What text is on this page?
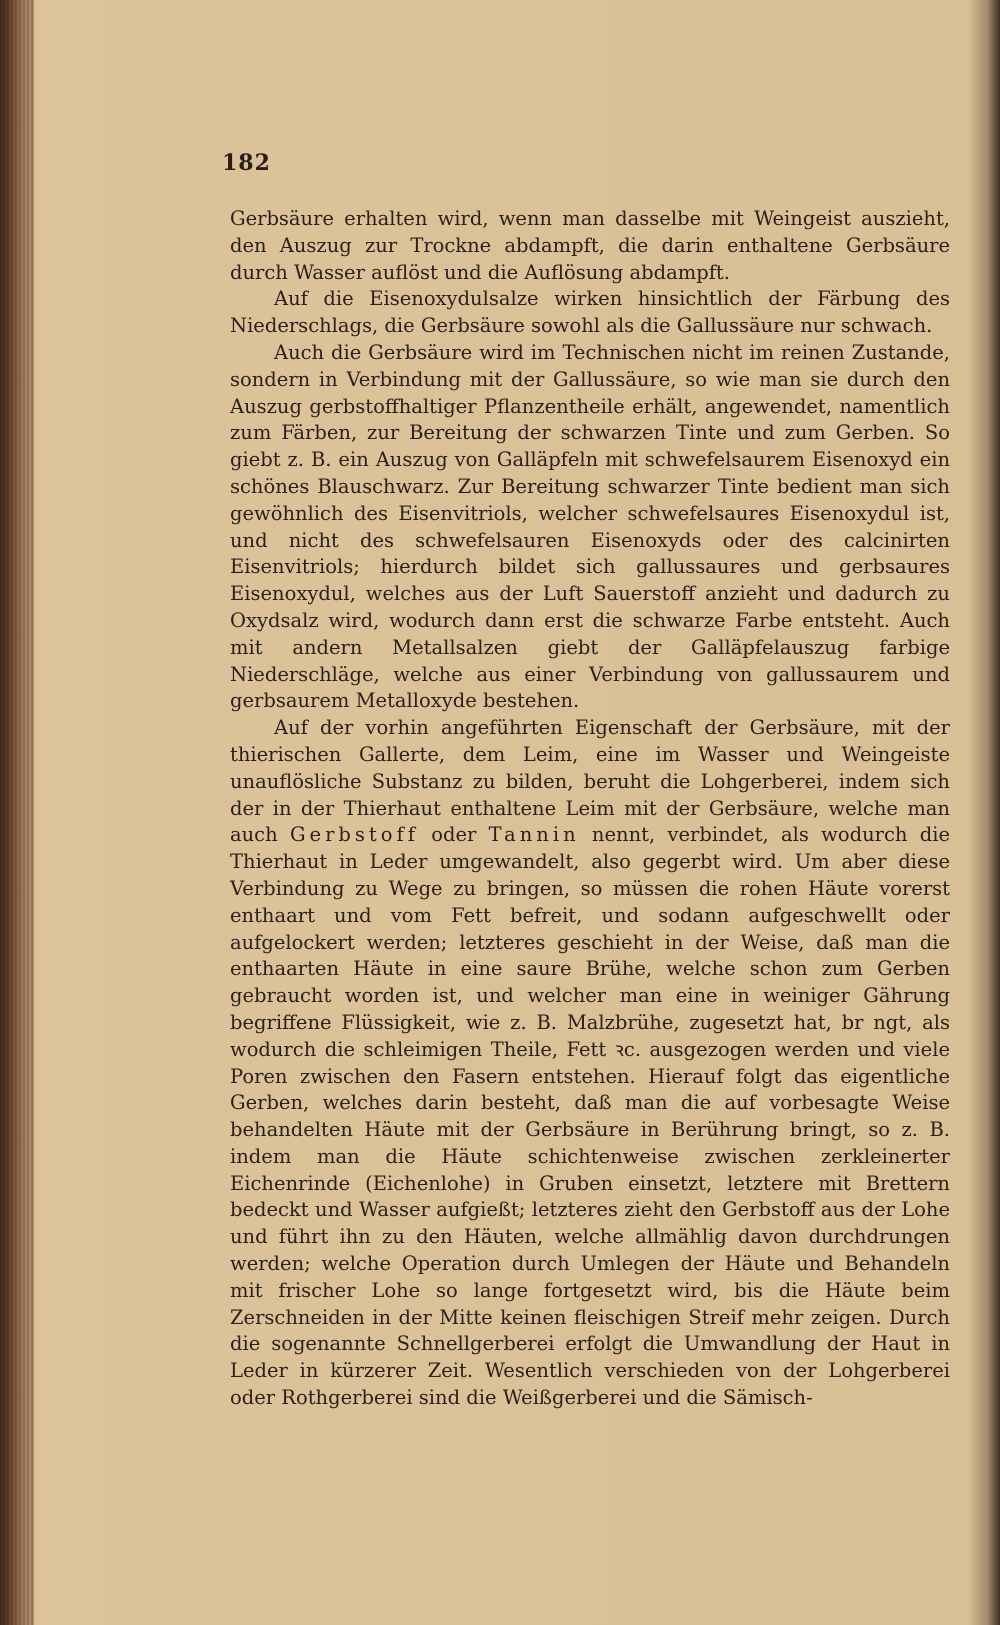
182

Gerbsäure erhalten wird, wenn man dasselbe mit Weingeist auszieht, den Auszug zur Trockne abdampft, die darin enthaltene Gerbsäure durch Wasser auflöst und die Auflösung abdampft.

Auf die Eisenoxydulsalze wirken hinsichtlich der Färbung des Niederschlags, die Gerbsäure sowohl als die Gallussäure nur schwach.

Auch die Gerbsäure wird im Technischen nicht im reinen Zustande, sondern in Verbindung mit der Gallussäure, so wie man sie durch den Auszug gerbstoffhaltiger Pflanzentheile erhält, angewendet, namentlich zum Färben, zur Bereitung der schwarzen Tinte und zum Gerben. So giebt z. B. ein Auszug von Galläpfeln mit schwefelsaurem Eisenoxyd ein schönes Blauschwarz. Zur Bereitung schwarzer Tinte bedient man sich gewöhnlich des Eisenvitriols, welcher schwefelsaures Eisenoxydul ist, und nicht des schwefelsauren Eisenoxyds oder des calcinirten Eisenvitriols; hierdurch bildet sich gallussaures und gerbsaures Eisenoxydul, welches aus der Luft Sauerstoff anzieht und dadurch zu Oxydsalz wird, wodurch dann erst die schwarze Farbe entsteht. Auch mit andern Metallsalzen giebt der Galläpfelauszug farbige Niederschläge, welche aus einer Verbindung von gallussaurem und gerbsaurem Metalloxyde bestehen.

Auf der vorhin angeführten Eigenschaft der Gerbsäure, mit der thierischen Gallerte, dem Leim, eine im Wasser und Weingeiste unauflösliche Substanz zu bilden, beruht die Lohgerberei, indem sich der in der Thierhaut enthaltene Leim mit der Gerbsäure, welche man auch Gerbstoff oder Tannin nennt, verbindet, als wodurch die Thierhaut in Leder umgewandelt, also gegerbt wird. Um aber diese Verbindung zu Wege zu bringen, so müssen die rohen Häute vorerst enthaart und vom Fett befreit, und sodann aufgeschwellt oder aufgelockert werden; letzteres geschieht in der Weise, daß man die enthaarten Häute in eine saure Brühe, welche schon zum Gerben gebraucht worden ist, und welcher man eine in weiniger Gährung begriffene Flüssigkeit, wie z. B. Malzbrühe, zugesetzt hat, br ngt, als wodurch die schleimigen Theile, Fett ꝛc. ausgezogen werden und viele Poren zwischen den Fasern entstehen. Hierauf folgt das eigentliche Gerben, welches darin besteht, daß man die auf vorbesagte Weise behandelten Häute mit der Gerbsäure in Berührung bringt, so z. B. indem man die Häute schichtenweise zwischen zerkleinerter Eichenrinde (Eichenlohe) in Gruben einsetzt, letztere mit Brettern bedeckt und Wasser aufgießt; letzteres zieht den Gerbstoff aus der Lohe und führt ihn zu den Häuten, welche allmählig davon durchdrungen werden; welche Operation durch Umlegen der Häute und Behandeln mit frischer Lohe so lange fortgesetzt wird, bis die Häute beim Zerschneiden in der Mitte keinen fleischigen Streif mehr zeigen. Durch die sogenannte Schnellgerberei erfolgt die Umwandlung der Haut in Leder in kürzerer Zeit. Wesentlich verschieden von der Lohgerberei oder Rothgerberei sind die Weißgerberei und die Sämisch-
